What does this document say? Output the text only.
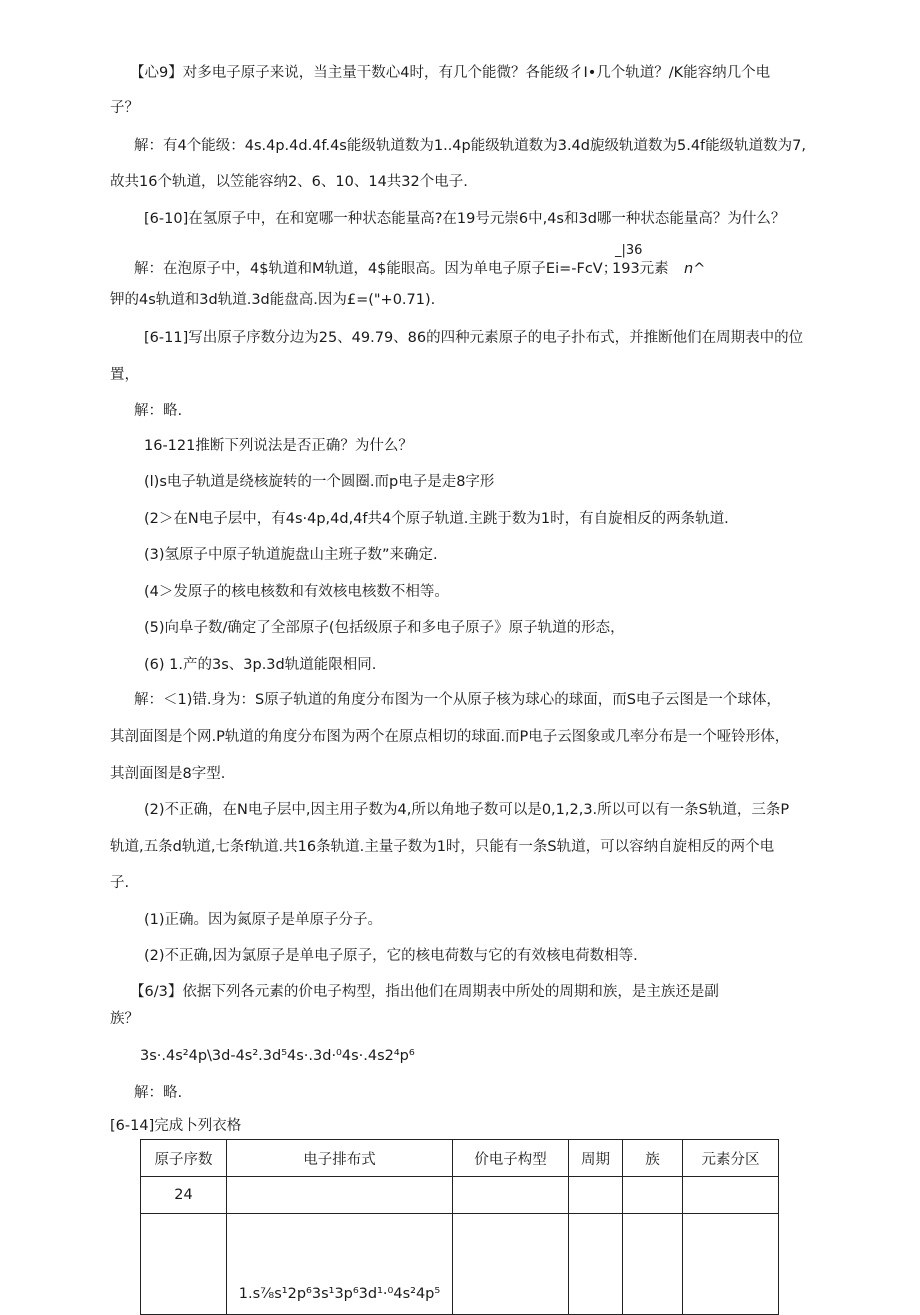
【心9】对多电子原子来说，当主量干数心4时，有几个能微？各能级彳I•几个轨道？/K能容纳几个电
子？
解：有4个能级：4s.4p.4d.4f.4s能级轨道数为1..4p能级轨道数为3.4d旎级轨道数为5.4f能级轨道数为7,
故共16个轨道，以笠能容纳2、6、10、14共32个电子.
[6-10]在氢原子中，在和宽哪一种状态能量高?在19号元崇6中,4s和3d哪一种状态能量高？为什么？
_|36
解：在泡原子中，4$轨道和M轨道，4$能眼高。因为单电子原子Ei=-FcV；
193元素 n^
钾的4s轨道和3d轨道.3d能盘高.因为£=("+0.71).
[6-11]写出原子序数分边为25、49.79、86的四种元素原子的电子扑布式，并推断他们在周期表中的位
置，
解：略.
16-121推断下列说法是否正确？为什么？
(l)s电子轨道是绕核旋转的一个圆圈.而p电子是走8字形
(2＞在N电子层中，有4s·4p,4d,4f共4个原子轨道.主跳于数为1时，有自旋相反的两条轨道.
(3)氢原子中原子轨道旎盘山主班子数”来确定.
(4＞发原子的核电核数和有效核电核数不相等。
(5)向阜子数/确定了全部原子(包括级原子和多电子原子》原子轨道的形态，
(6) 1.产的3s、3p.3d轨道能限相同.
解：＜1)错.身为：S原子轨道的角度分布图为一个从原子核为球心的球面，而S电子云图是一个球体，
其剖面图是个网.P轨道的角度分布图为两个在原点相切的球面.而P电子云图象或几率分布是一个哑铃形体，
其剖面图是8字型.
(2)不正确，在N电子层中,因主用子数为4,所以角地子数可以是0,1,2,3.所以可以有一条S轨道，三条P
轨道,五条d轨道,七条f轨道.共16条轨道.主量子数为1时，只能有一条S轨道，可以容纳自旋相反的两个电
子.
(1)正确。因为氮原子是单原子分子。
(2)不正确,因为氯原子是单电子原子，它的核电荷数与它的有效核电荷数相等.
【6/3】依据下列各元素的价电子构型，指出他们在周期表中所处的周期和族，是主族还是副
族？
3s·.4s²4p\3d-4s².3d⁵4s·.3d·⁰4s·.4s2⁴p⁶
解：略.
[6-14]完成卜列衣格
原子序数	电子排布式	价电子构型	周期	族	元素分区
24					
	1.s⅞s¹2p⁶3s¹3p⁶3d¹·⁰4s²4p⁵				
